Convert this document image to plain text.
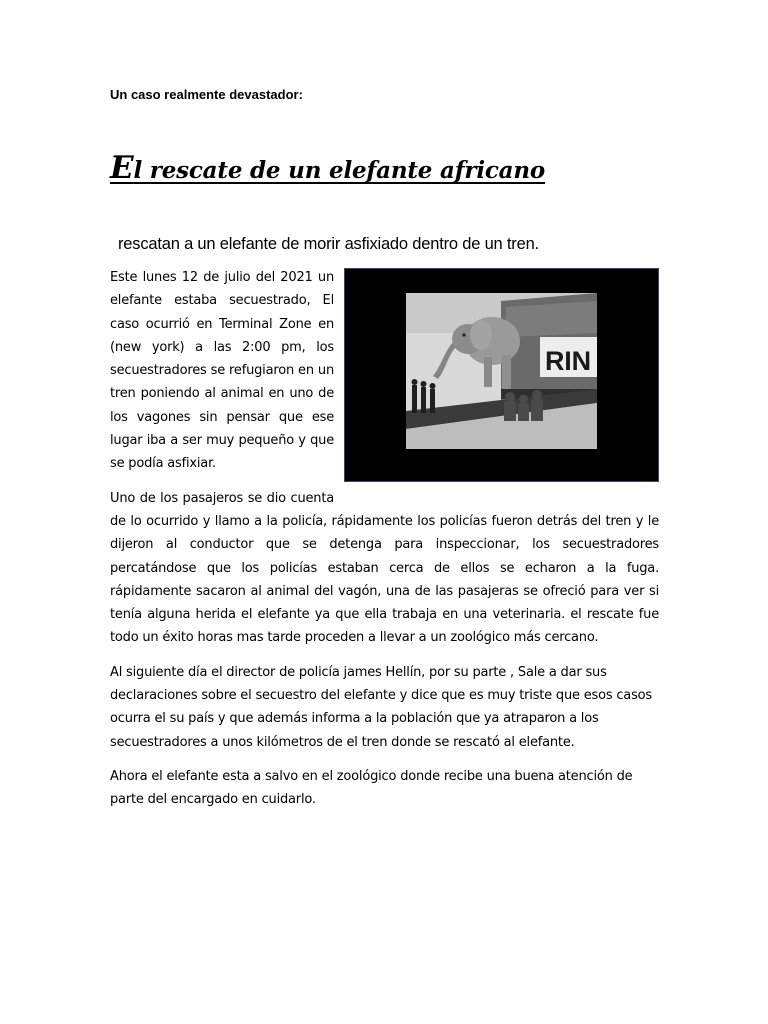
Un caso realmente devastador:
El rescate de un elefante africano
rescatan a un elefante de morir asfixiado dentro de un tren.
RIN

Este lunes 12 de julio del 2021 un elefante estaba secuestrado, El caso ocurrió en Terminal Zone en (new york) a las 2:00 pm, los secuestradores se refugiaron en un tren poniendo al animal en uno de los vagones sin pensar que ese lugar iba a ser muy pequeño y que se podía asfixiar.

Uno de los pasajeros se dio cuenta de lo ocurrido y llamo a la policía, rápidamente los policías fueron detrás del tren y le dijeron al conductor que se detenga para inspeccionar, los secuestradores percatándose que los policías estaban cerca de ellos se echaron a la fuga. rápidamente sacaron al animal del vagón, una de las pasajeras se ofreció para ver si tenía alguna herida el elefante ya que ella trabaja en una veterinaria. el rescate fue todo un éxito horas mas tarde proceden a llevar a un zoológico más cercano.

Al siguiente día el director de policía james Hellín, por su parte , Sale a dar sus declaraciones sobre el secuestro del elefante y dice que es muy triste que esos casos ocurra el su país y que además informa a la población que ya atraparon a los secuestradores a unos kilómetros de el tren donde se rescató al elefante.

Ahora el elefante esta a salvo en el zoológico donde recibe una buena atención de parte del encargado en cuidarlo.
